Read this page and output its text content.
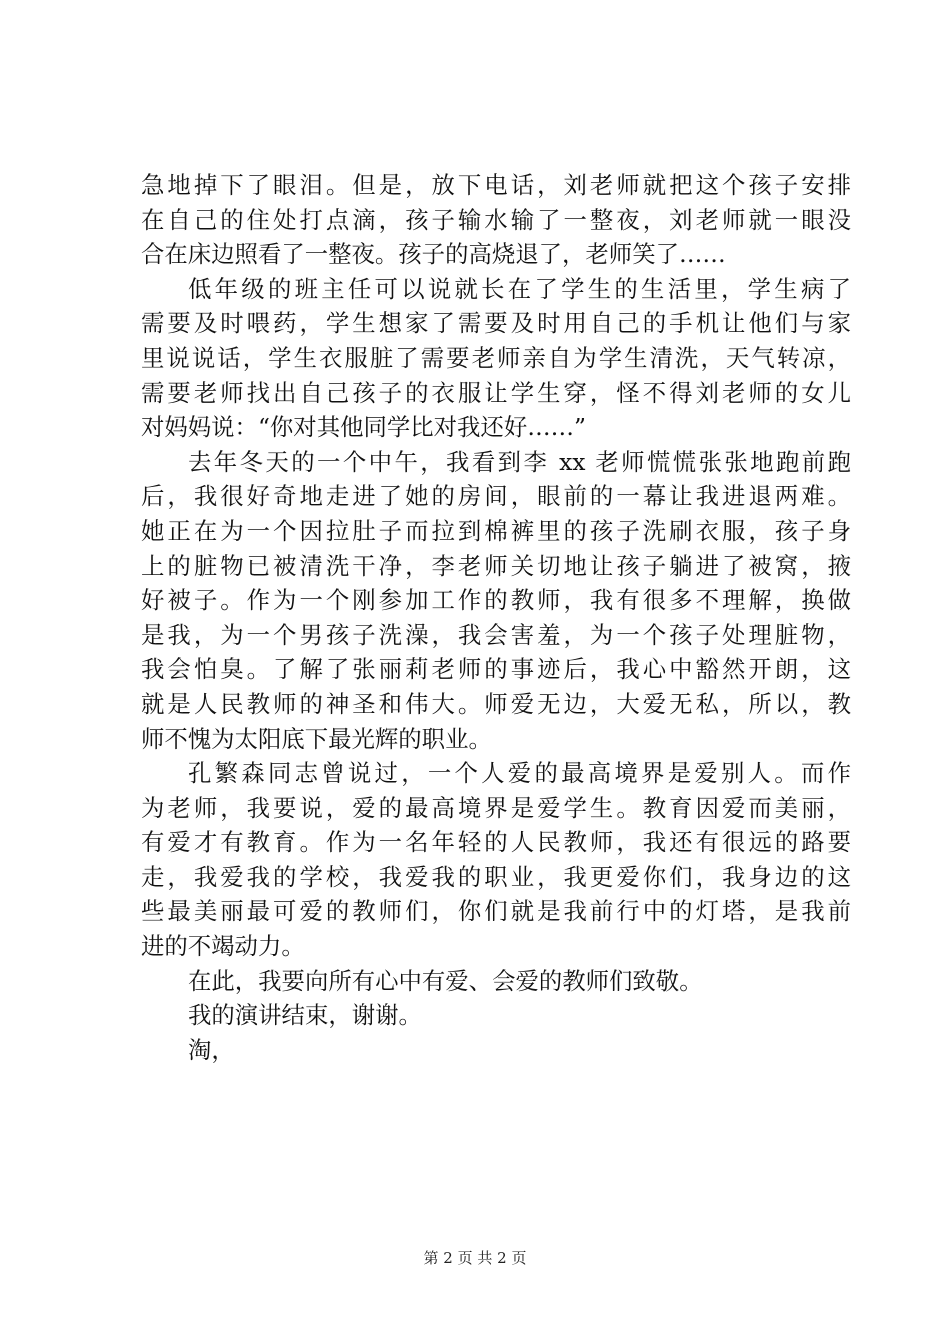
急地掉下了眼泪。但是，放下电话，刘老师就把这个孩子安排
在自己的住处打点滴，孩子输水输了一整夜，刘老师就一眼没
合在床边照看了一整夜。孩子的高烧退了，老师笑了……
低年级的班主任可以说就长在了学生的生活里，学生病了
需要及时喂药，学生想家了需要及时用自己的手机让他们与家
里说说话，学生衣服脏了需要老师亲自为学生清洗，天气转凉，
需要老师找出自己孩子的衣服让学生穿，怪不得刘老师的女儿
对妈妈说：“你对其他同学比对我还好……”
去年冬天的一个中午，我看到李 xx 老师慌慌张张地跑前跑
后，我很好奇地走进了她的房间，眼前的一幕让我进退两难。
她正在为一个因拉肚子而拉到棉裤里的孩子洗刷衣服，孩子身
上的脏物已被清洗干净，李老师关切地让孩子躺进了被窝，掖
好被子。作为一个刚参加工作的教师，我有很多不理解，换做
是我，为一个男孩子洗澡，我会害羞，为一个孩子处理脏物，
我会怕臭。了解了张丽莉老师的事迹后，我心中豁然开朗，这
就是人民教师的神圣和伟大。师爱无边，大爱无私，所以，教
师不愧为太阳底下最光辉的职业。
孔繁森同志曾说过，一个人爱的最高境界是爱别人。而作
为老师，我要说，爱的最高境界是爱学生。教育因爱而美丽，
有爱才有教育。作为一名年轻的人民教师，我还有很远的路要
走，我爱我的学校，我爱我的职业，我更爱你们，我身边的这
些最美丽最可爱的教师们，你们就是我前行中的灯塔，是我前
进的不竭动力。
在此，我要向所有心中有爱、会爱的教师们致敬。
我的演讲结束，谢谢。
淘，
第 2 页 共 2 页
